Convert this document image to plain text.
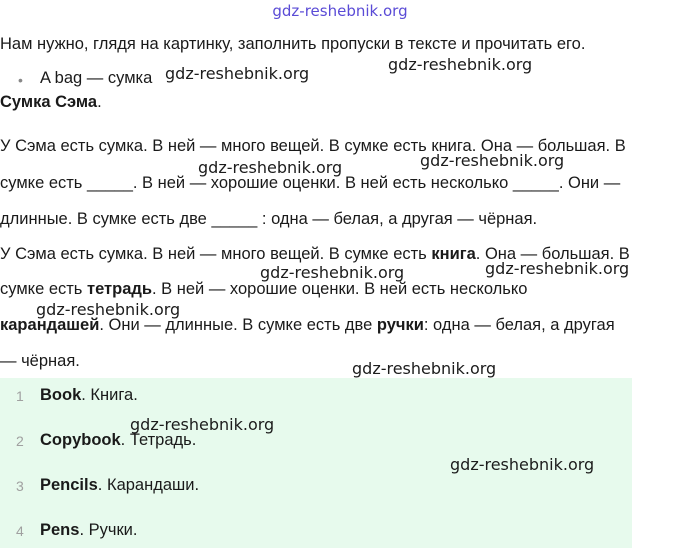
gdz-reshebnik.org
Нам нужно, глядя на картинку, заполнить пропуски в тексте и прочитать его.
• A bag — сумка
Сумка Сэма.
У Сэма есть сумка. В ней — много вещей. В сумке есть книга. Она — большая. В
сумке есть _____. В ней — хорошие оценки. В ней есть несколько _____. Они —
длинные. В сумке есть две _____ : одна — белая, а другая — чёрная.
У Сэма есть сумка. В ней — много вещей. В сумке есть книга. Она — большая. В
сумке есть тетрадь. В ней — хорошие оценки. В ней есть несколько
карандашей. Они — длинные. В сумке есть две ручки: одна — белая, а другая
— чёрная.
1 Book. Книга.
2 Copybook. Тетрадь.
3 Pencils. Карандаши.
4 Pens. Ручки.
gdz-reshebnik.org	gdz-reshebnik.org
gdz-reshebnik.org	gdz-reshebnik.org
gdz-reshebnik.org	gdz-reshebnik.org
gdz-reshebnik.org
gdz-reshebnik.org
gdz-reshebnik.org
gdz-reshebnik.org
